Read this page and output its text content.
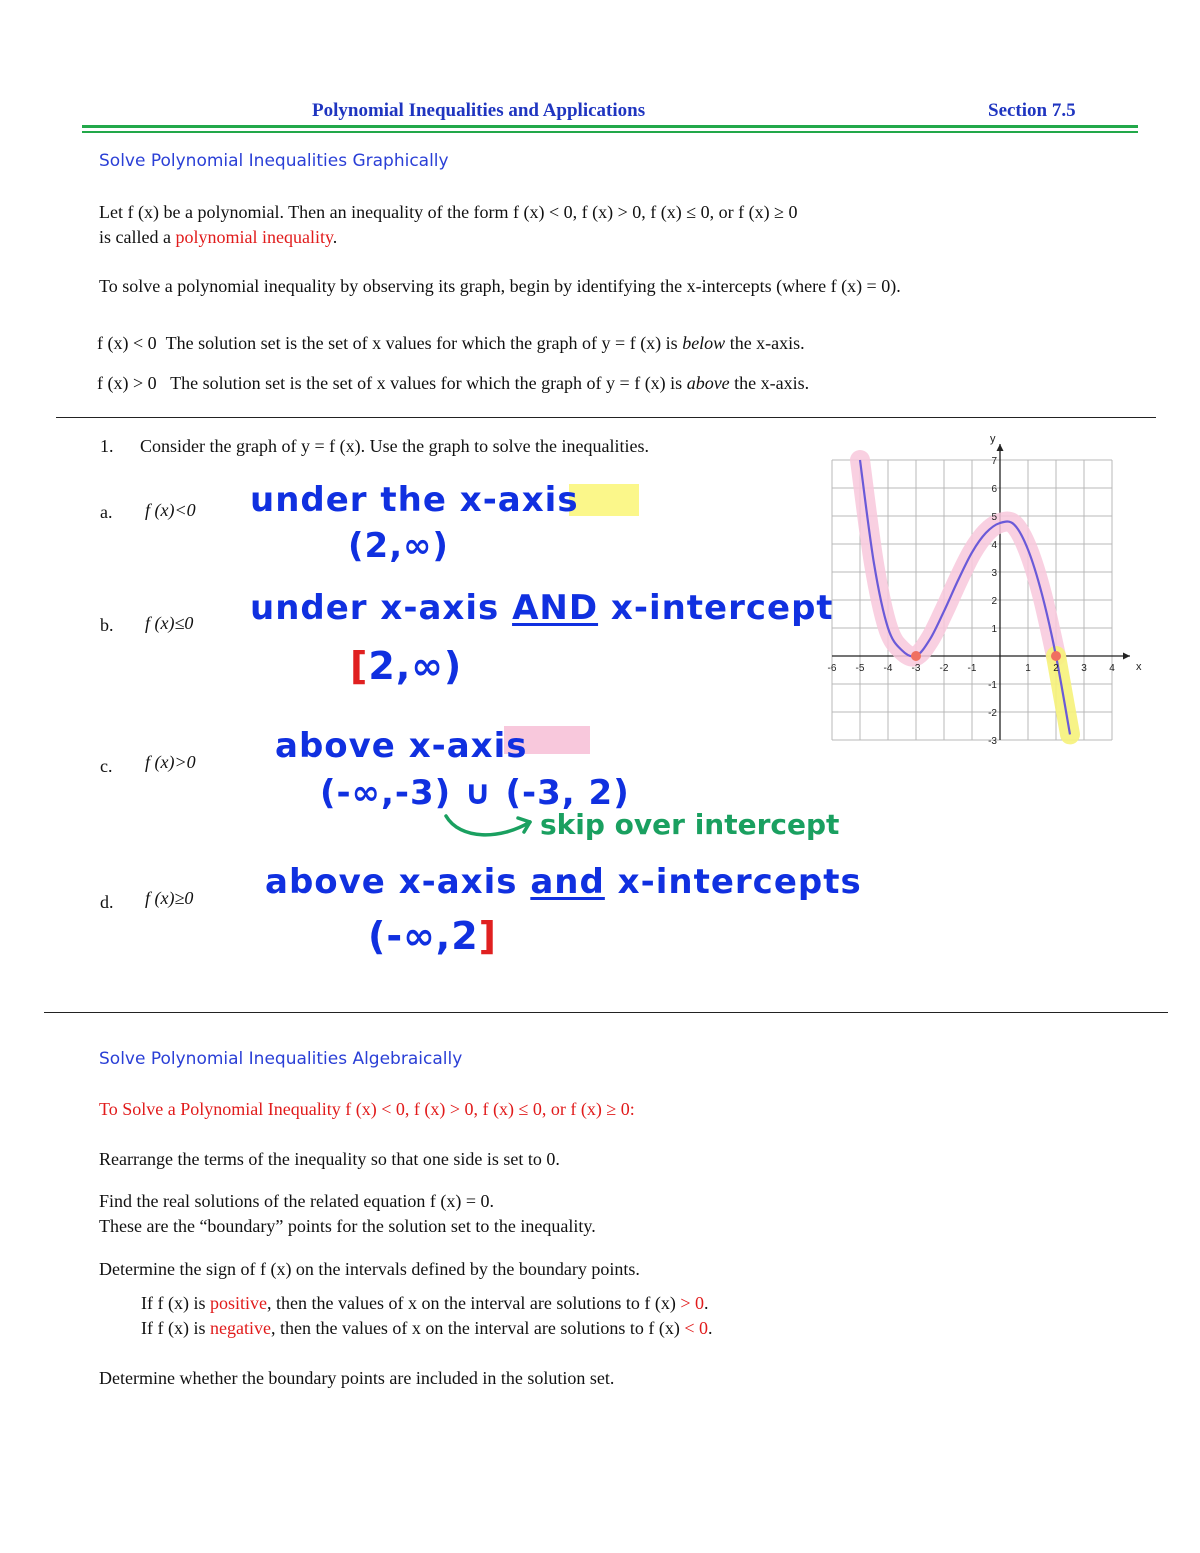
Polynomial Inequalities and Applications	Section 7.5
Solve Polynomial Inequalities Graphically
Let f (x) be a polynomial. Then an inequality of the form f (x) < 0, f (x) > 0, f (x) ≤ 0, or f (x) ≥ 0
is called a polynomial inequality.
To solve a polynomial inequality by observing its graph, begin by identifying the x-intercepts (where f (x) = 0).
f (x) < 0 The solution set is the set of x values for which the graph of y = f (x) is below the x-axis.
f (x) > 0 The solution set is the set of x values for which the graph of y = f (x) is above the x-axis.
1. Consider the graph of y = f (x). Use the graph to solve the inequalities.
a. f (x)<0 under the x-axis
(2,∞)
b. f (x)≤0 under x-axis AND x-intercept
[2,∞)
c. f (x)>0 above x-axis
(-∞,-3) ∪ (-3, 2)
skip over intercept
d. f (x)≥0 above x-axis and x-intercepts
(-∞,2]
-6 -5 -4 -3 -2 -1	1 2 3 4
-3
-2
-1
1
2
3
4
5
6
7
x
y
Solve Polynomial Inequalities Algebraically
To Solve a Polynomial Inequality f (x) < 0, f (x) > 0, f (x) ≤ 0, or f (x) ≥ 0:
Rearrange the terms of the inequality so that one side is set to 0.
Find the real solutions of the related equation f (x) = 0.
These are the “boundary” points for the solution set to the inequality.
Determine the sign of f (x) on the intervals defined by the boundary points.
If f (x) is positive, then the values of x on the interval are solutions to f (x) > 0.
If f (x) is negative, then the values of x on the interval are solutions to f (x) < 0.
Determine whether the boundary points are included in the solution set.
